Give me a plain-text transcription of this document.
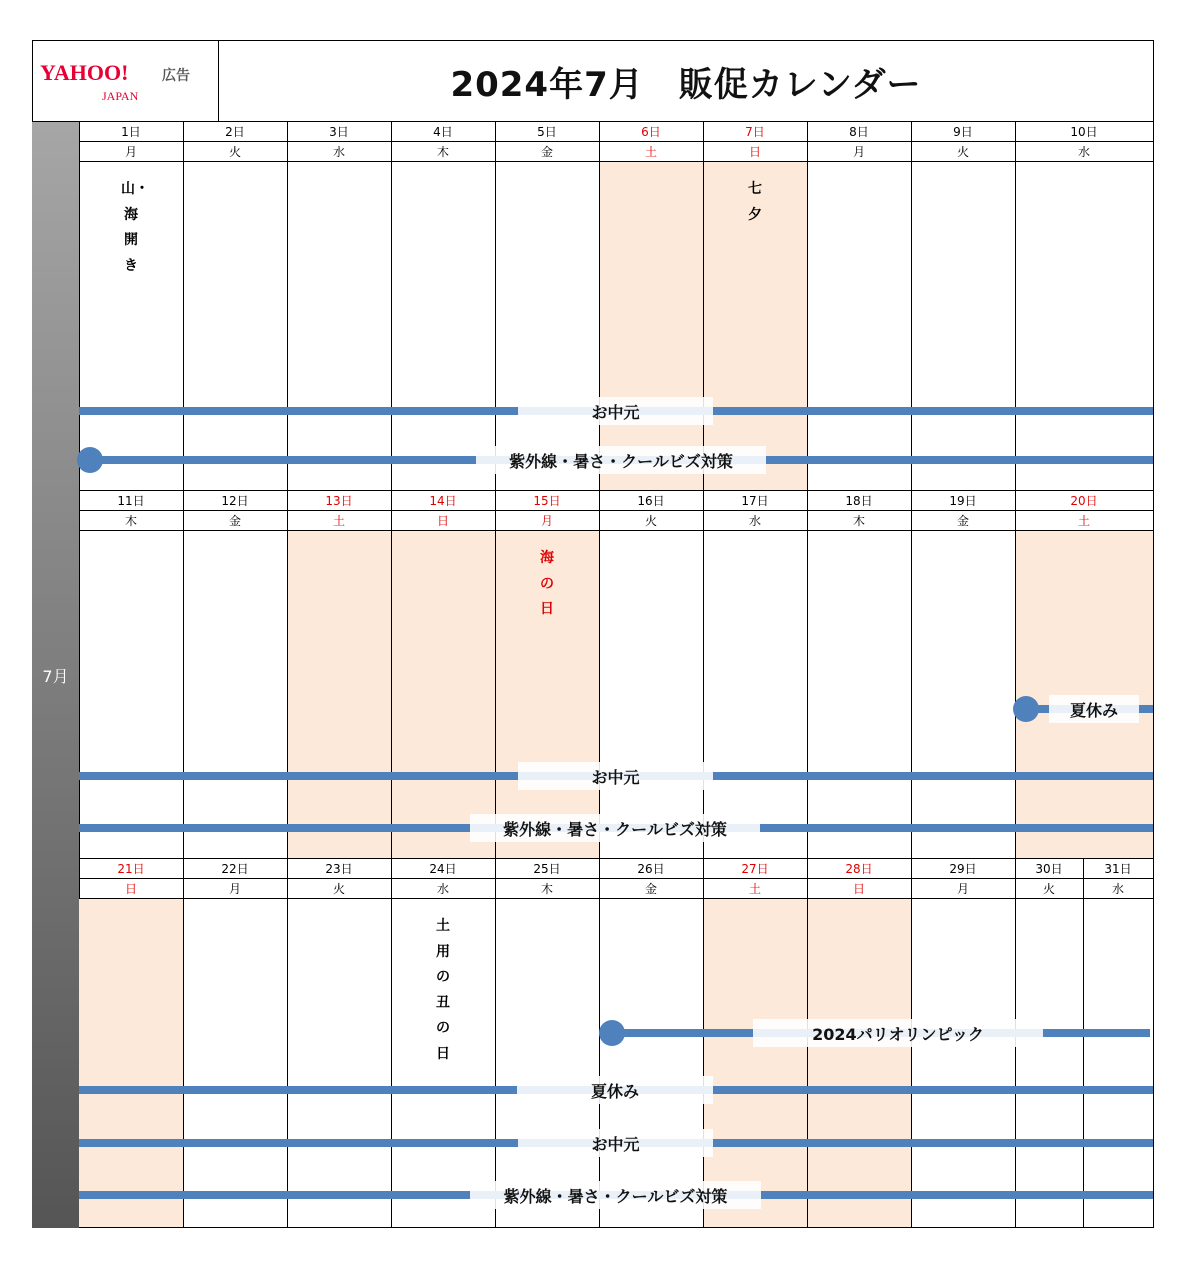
YAHOO!
JAPAN
広告	2024年7月　販促カレンダー
7月
1日
月
2日
火
3日
水
4日
木
5日
金
6日
土
7日
日
8日
月
9日
火
10日
水
山・海開き
七夕
お中元
紫外線・暑さ・クールビズ対策
11日
木
12日
金
13日
土
14日
日
15日
月
16日
火
17日
水
18日
木
19日
金
20日
土
海の日
夏休み
お中元
紫外線・暑さ・クールビズ対策
21日
日
22日
月
23日
火
24日
水
25日
木
26日
金
27日
土
28日
日
29日
月
30日
火
31日
水
土用の丑の日
2024パリオリンピック
夏休み
お中元
紫外線・暑さ・クールビズ対策
